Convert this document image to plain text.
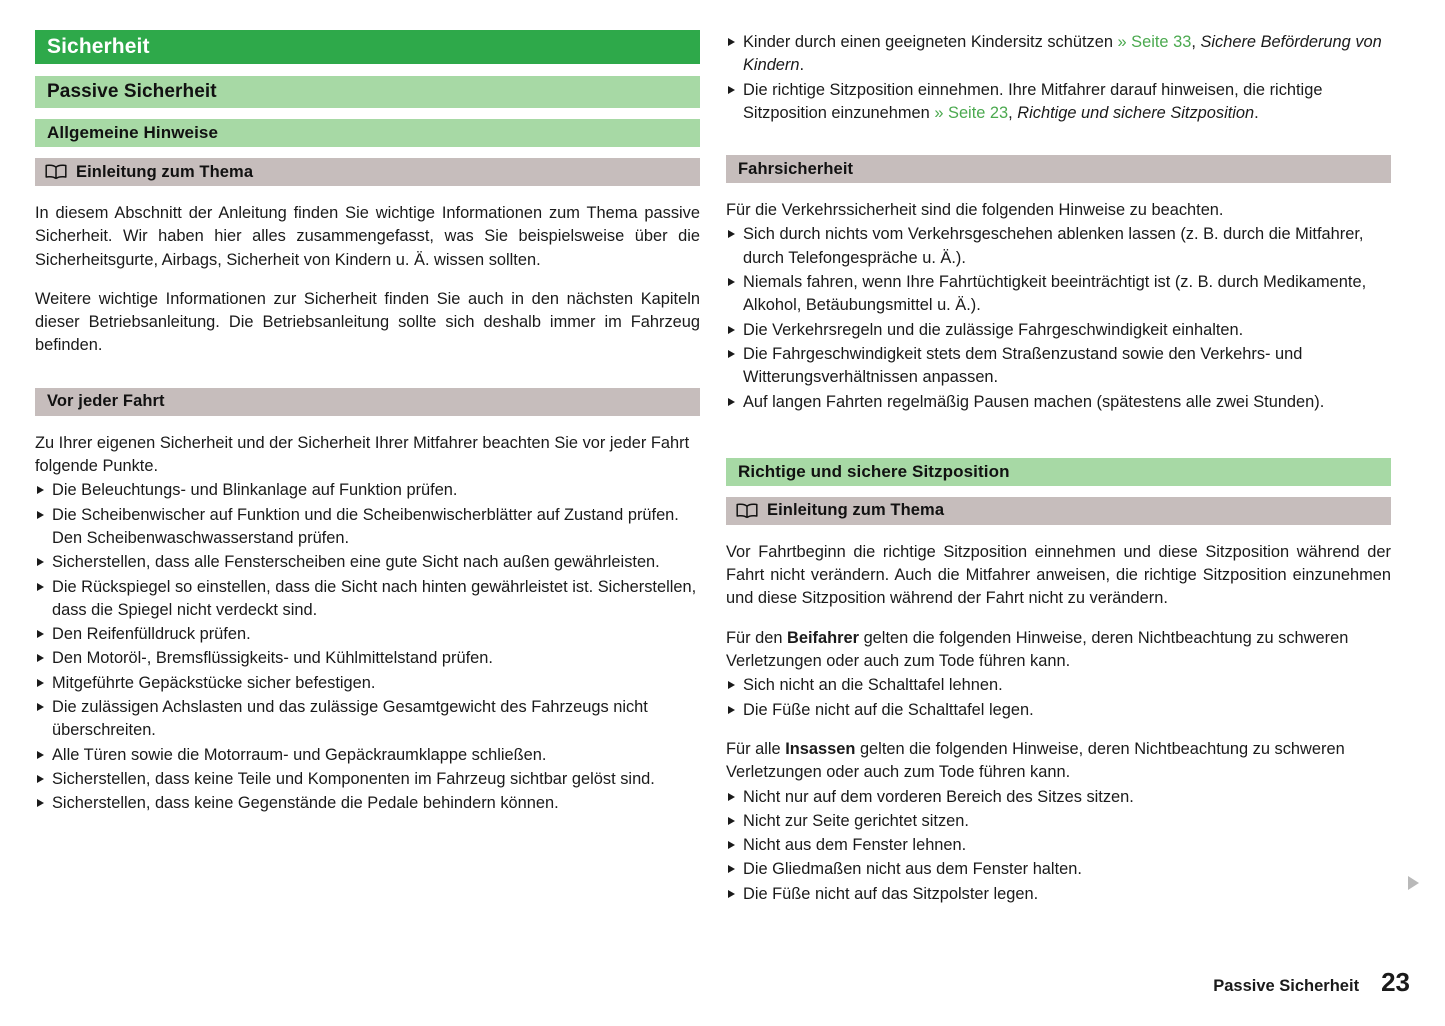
Sicherheit
Passive Sicherheit
Allgemeine Hinweise
Einleitung zum Thema

In diesem Abschnitt der Anleitung finden Sie wichtige Informationen zum Thema passive Sicherheit. Wir haben hier alles zusammengefasst, was Sie beispielsweise über die Sicherheitsgurte, Airbags, Sicherheit von Kindern u. Ä. wissen sollten.

Weitere wichtige Informationen zur Sicherheit finden Sie auch in den nächsten Kapiteln dieser Betriebsanleitung. Die Betriebsanleitung sollte sich deshalb immer im Fahrzeug befinden.

Vor jeder Fahrt

Zu Ihrer eigenen Sicherheit und der Sicherheit Ihrer Mitfahrer beachten Sie vor jeder Fahrt folgende Punkte.

Die Beleuchtungs- und Blinkanlage auf Funktion prüfen.
Die Scheibenwischer auf Funktion und die Scheibenwischerblätter auf Zustand prüfen. Den Scheibenwaschwasserstand prüfen.
Sicherstellen, dass alle Fensterscheiben eine gute Sicht nach außen gewährleisten.
Die Rückspiegel so einstellen, dass die Sicht nach hinten gewährleistet ist. Sicherstellen, dass die Spiegel nicht verdeckt sind.
Den Reifenfülldruck prüfen.
Den Motoröl-, Bremsflüssigkeits- und Kühlmittelstand prüfen.
Mitgeführte Gepäckstücke sicher befestigen.
Die zulässigen Achslasten und das zulässige Gesamtgewicht des Fahrzeugs nicht überschreiten.
Alle Türen sowie die Motorraum- und Gepäckraumklappe schließen.
Sicherstellen, dass keine Teile und Komponenten im Fahrzeug sichtbar gelöst sind.
Sicherstellen, dass keine Gegenstände die Pedale behindern können.
Kinder durch einen geeigneten Kindersitz schützen » Seite 33, Sichere Beförderung von Kindern.
Die richtige Sitzposition einnehmen. Ihre Mitfahrer darauf hinweisen, die richtige Sitzposition einzunehmen » Seite 23, Richtige und sichere Sitzposition.
Fahrsicherheit

Für die Verkehrssicherheit sind die folgenden Hinweise zu beachten.

Sich durch nichts vom Verkehrsgeschehen ablenken lassen (z. B. durch die Mitfahrer, durch Telefongespräche u. Ä.).
Niemals fahren, wenn Ihre Fahrtüchtigkeit beeinträchtigt ist (z. B. durch Medikamente, Alkohol, Betäubungsmittel u. Ä.).
Die Verkehrsregeln und die zulässige Fahrgeschwindigkeit einhalten.
Die Fahrgeschwindigkeit stets dem Straßenzustand sowie den Verkehrs- und Witterungsverhältnissen anpassen.
Auf langen Fahrten regelmäßig Pausen machen (spätestens alle zwei Stunden).
Richtige und sichere Sitzposition
Einleitung zum Thema

Vor Fahrtbeginn die richtige Sitzposition einnehmen und diese Sitzposition während der Fahrt nicht verändern. Auch die Mitfahrer anweisen, die richtige Sitzposition einzunehmen und diese Sitzposition während der Fahrt nicht zu verändern.

Für den Beifahrer gelten die folgenden Hinweise, deren Nichtbeachtung zu schweren Verletzungen oder auch zum Tode führen kann.

Sich nicht an die Schalttafel lehnen.
Die Füße nicht auf die Schalttafel legen.

Für alle Insassen gelten die folgenden Hinweise, deren Nichtbeachtung zu schweren Verletzungen oder auch zum Tode führen kann.

Nicht nur auf dem vorderen Bereich des Sitzes sitzen.
Nicht zur Seite gerichtet sitzen.
Nicht aus dem Fenster lehnen.
Die Gliedmaßen nicht aus dem Fenster halten.
Die Füße nicht auf das Sitzpolster legen.
Passive Sicherheit 23
